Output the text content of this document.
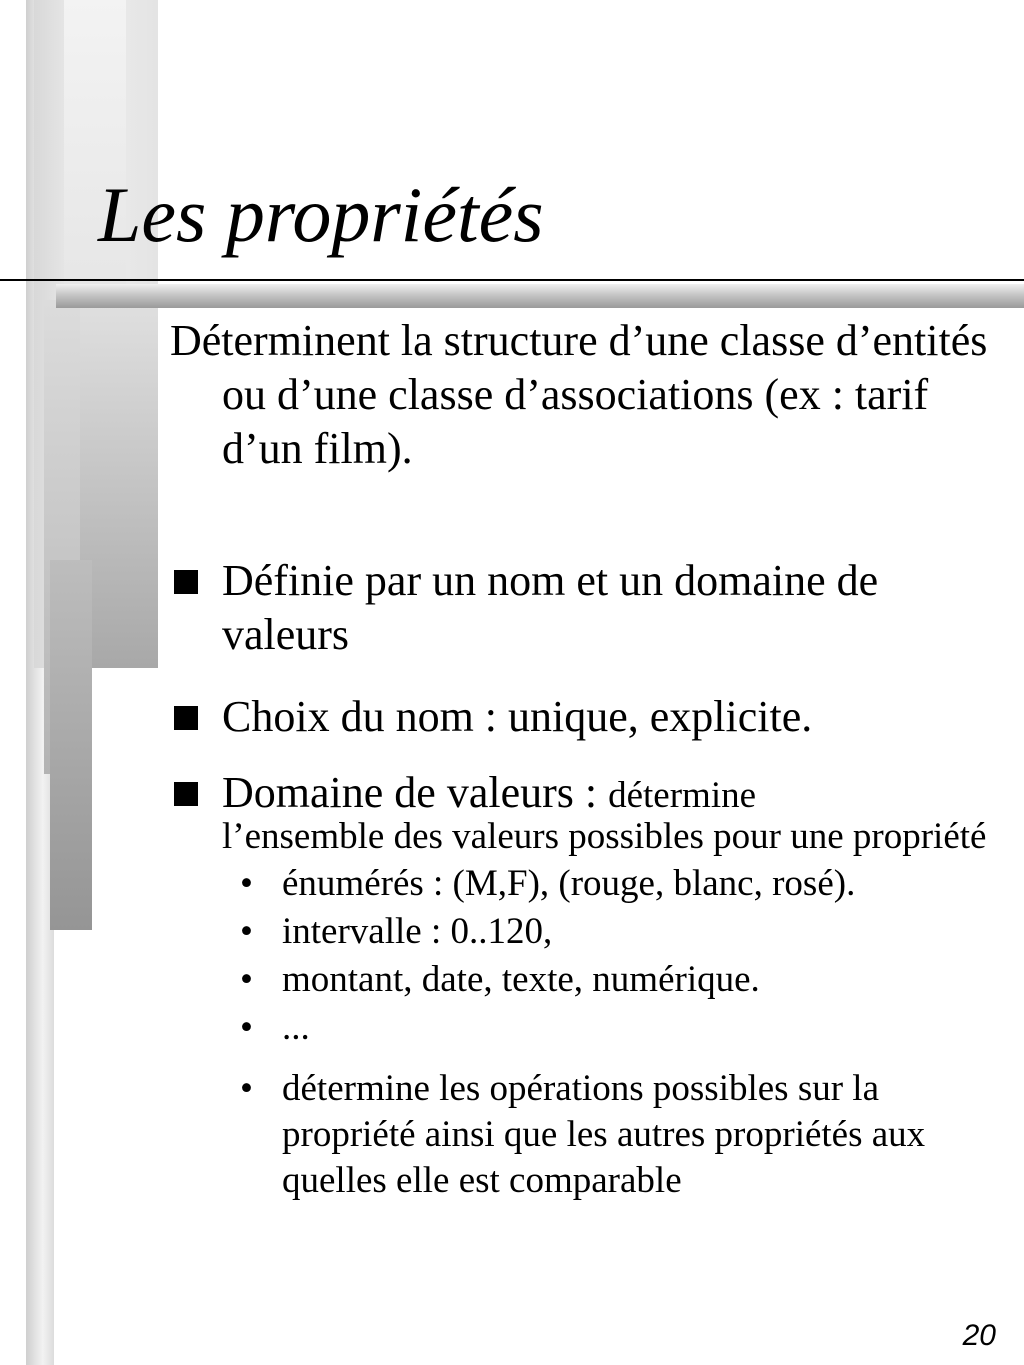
Les propriétés

Déterminent la structure d’une classe d’entités ou d’une classe d’associations (ex : tarif d’un film).

Définie par un nom et un domaine de valeurs

Choix du nom : unique, explicite.

Domaine de valeurs : détermine
l’ensemble des valeurs possibles pour une propriété
• énumérés : (M,F), (rouge, blanc, rosé).
• intervalle : 0..120,
• montant, date, texte, numérique.
• ...
• détermine les opérations possibles sur la propriété ainsi que les autres propriétés aux quelles elle est comparable
20
